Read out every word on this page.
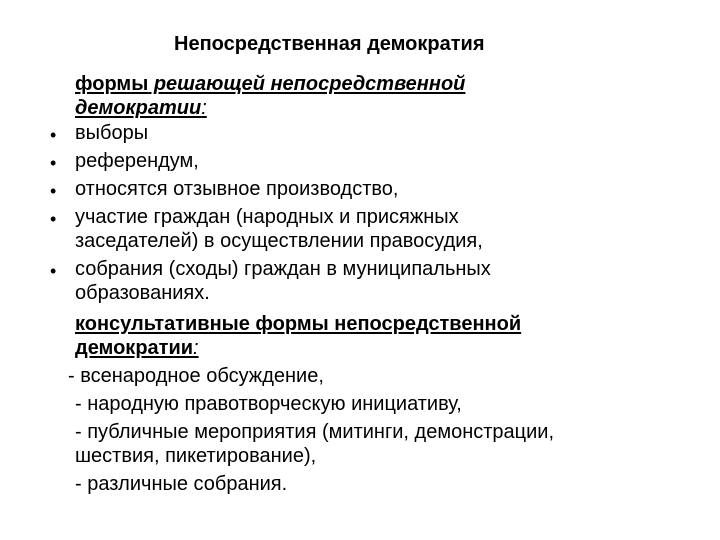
Непосредственная демократия
формы решающей непосредственной
демократии:
• выборы
• референдум,
• относятся отзывное производство,
• участие граждан (народных и присяжных
заседателей) в осуществлении правосудия,
• собрания (сходы) граждан в муниципальных
образованиях.
консультативные формы непосредственной
демократии:
- всенародное обсуждение,
- народную правотворческую инициативу,
- публичные мероприятия (митинги, демонстрации,
шествия, пикетирование),
- различные собрания.
